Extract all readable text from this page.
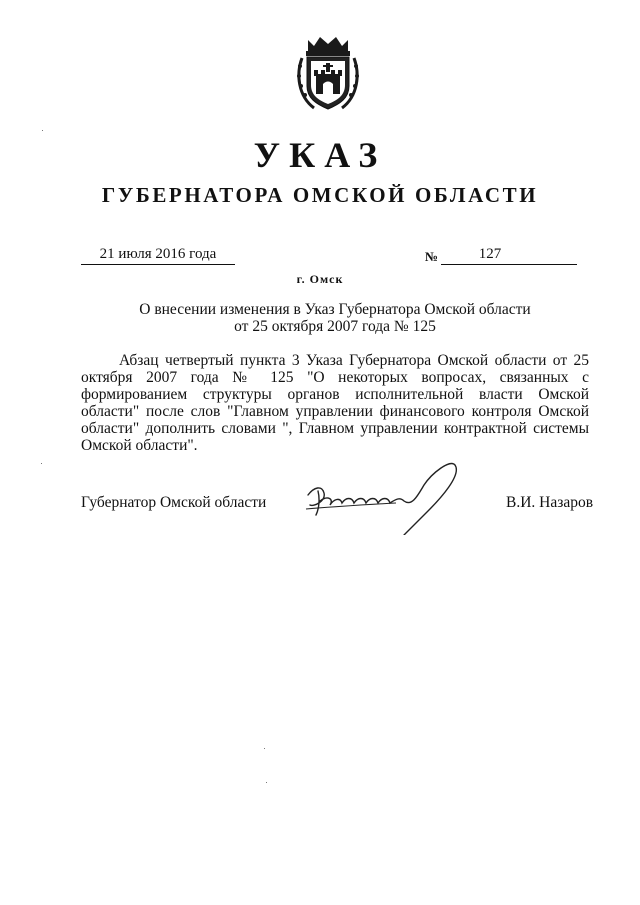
УКАЗ
ГУБЕРНАТОРА ОМСКОЙ ОБЛАСТИ
21 июля 2016 года	№	127
г. Омск
О внесении изменения в Указ Губернатора Омской области
от 25 октября 2007 года № 125
Абзац четвертый пункта 3 Указа Губернатора Омской области от 25 октября 2007 года № 125 "О некоторых вопросах, связанных с формированием структуры органов исполнительной власти Омской области" после слов "Главном управлении финансового контроля Омской области" дополнить словами ", Главном управлении контрактной системы Омской области".
Губернатор Омской области	В.И. Назаров
